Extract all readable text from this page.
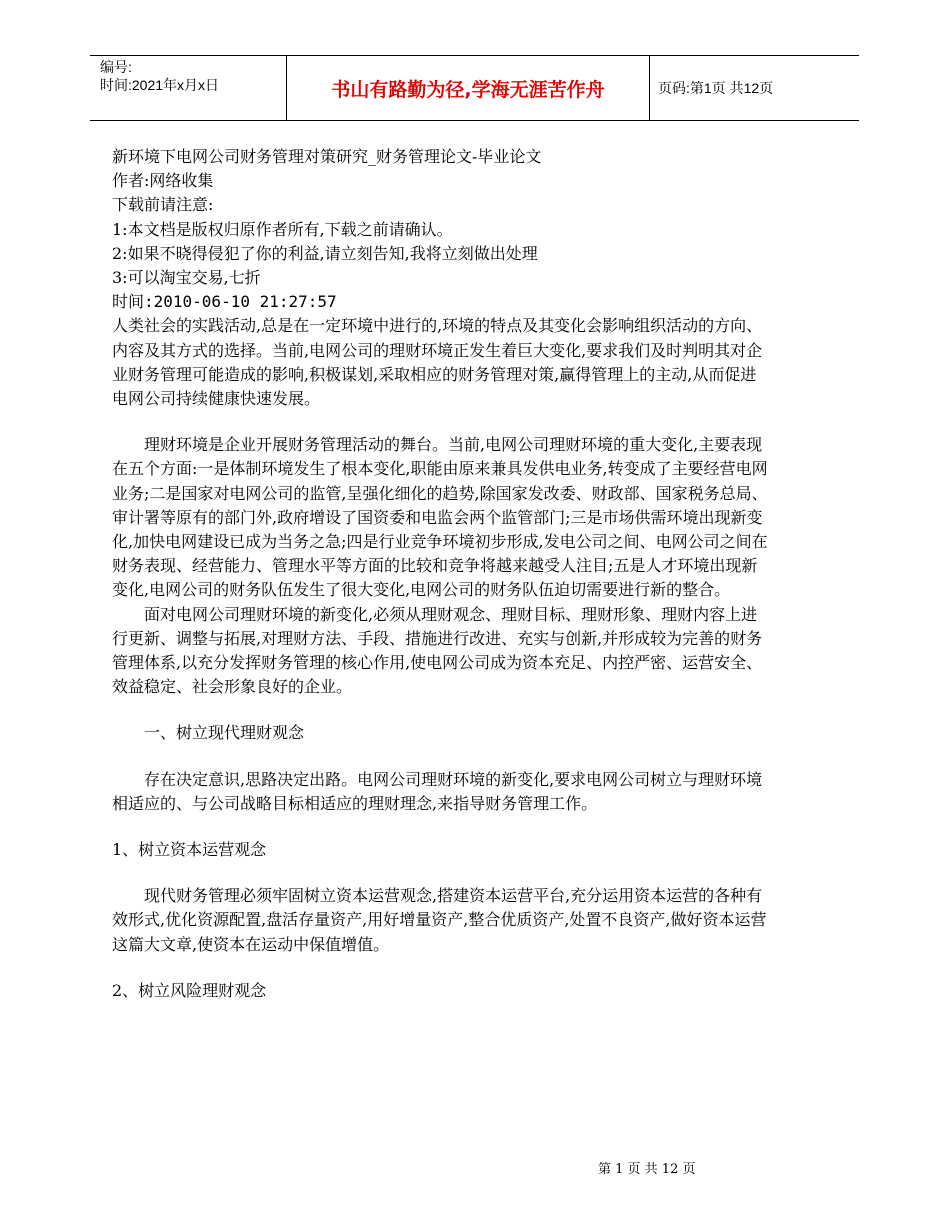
编号:
时间:2021年x月x日	书山有路勤为径,学海无涯苦作舟	页码:第1页 共12页

新环境下电网公司财务管理对策研究_财务管理论文-毕业论文

作者:网络收集

下载前请注意:

1:本文档是版权归原作者所有,下载之前请确认。

2:如果不晓得侵犯了你的利益,请立刻告知,我将立刻做出处理

3:可以淘宝交易,七折

时间:2010-06-10 21:27:57

人类社会的实践活动,总是在一定环境中进行的,环境的特点及其变化会影响组织活动的方向、内容及其方式的选择。当前,电网公司的理财环境正发生着巨大变化,要求我们及时判明其对企业财务管理可能造成的影响,积极谋划,采取相应的财务管理对策,赢得管理上的主动,从而促进电网公司持续健康快速发展。

理财环境是企业开展财务管理活动的舞台。当前,电网公司理财环境的重大变化,主要表现在五个方面:一是体制环境发生了根本变化,职能由原来兼具发供电业务,转变成了主要经营电网业务;二是国家对电网公司的监管,呈强化细化的趋势,除国家发改委、财政部、国家税务总局、审计署等原有的部门外,政府增设了国资委和电监会两个监管部门;三是市场供需环境出现新变化,加快电网建设已成为当务之急;四是行业竞争环境初步形成,发电公司之间、电网公司之间在财务表现、经营能力、管理水平等方面的比较和竞争将越来越受人注目;五是人才环境出现新变化,电网公司的财务队伍发生了很大变化,电网公司的财务队伍迫切需要进行新的整合。

面对电网公司理财环境的新变化,必须从理财观念、理财目标、理财形象、理财内容上进行更新、调整与拓展,对理财方法、手段、措施进行改进、充实与创新,并形成较为完善的财务管理体系,以充分发挥财务管理的核心作用,使电网公司成为资本充足、内控严密、运营安全、效益稳定、社会形象良好的企业。

一、树立现代理财观念

存在决定意识,思路决定出路。电网公司理财环境的新变化,要求电网公司树立与理财环境相适应的、与公司战略目标相适应的理财理念,来指导财务管理工作。

1、树立资本运营观念

现代财务管理必须牢固树立资本运营观念,搭建资本运营平台,充分运用资本运营的各种有效形式,优化资源配置,盘活存量资产,用好增量资产,整合优质资产,处置不良资产,做好资本运营这篇大文章,使资本在运动中保值增值。

2、树立风险理财观念

第 1 页 共 12 页
